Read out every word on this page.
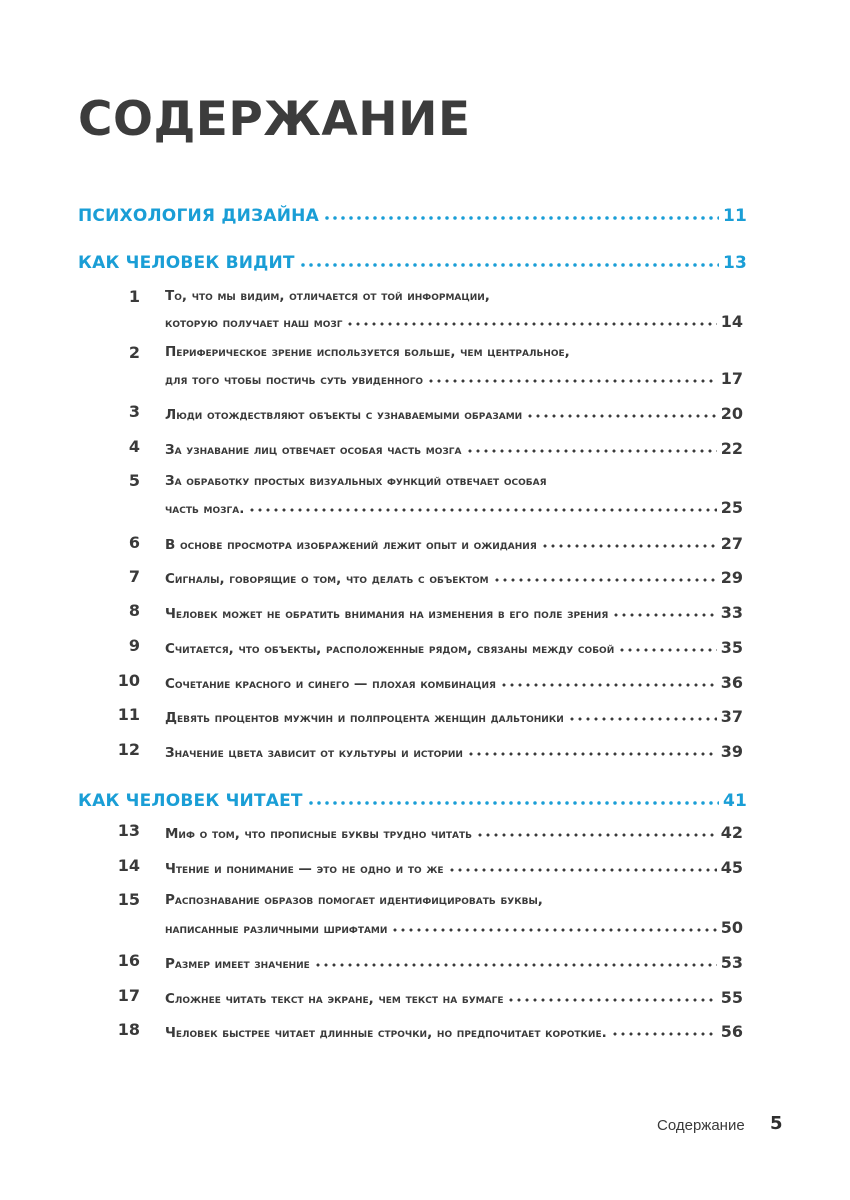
СОДЕРЖАНИЕ
ПСИХОЛОГИЯ ДИЗАЙНА	11
КАК ЧЕЛОВЕК ВИДИТ	13
1 То, что мы видим, отличается от той информации,
которую получает наш мозг	14
2 Периферическое зрение используется больше, чем центральное,
для того чтобы постичь суть увиденного	17
3 Люди отождествляют объекты с узнаваемыми образами	20
4 За узнавание лиц отвечает особая часть мозга	22
5 За обработку простых визуальных функций отвечает особая
часть мозга.	25
6 В основе просмотра изображений лежит опыт и ожидания	27
7 Сигналы, говорящие о том, что делать с объектом	29
8 Человек может не обратить внимания на изменения в его поле зрения	33
9 Считается, что объекты, расположенные рядом, связаны между собой	35
10 Сочетание красного и синего — плохая комбинация	36
11 Девять процентов мужчин и полпроцента женщин дальтоники	37
12 Значение цвета зависит от культуры и истории	39
КАК ЧЕЛОВЕК ЧИТАЕТ	41
13 Миф о том, что прописные буквы трудно читать	42
14 Чтение и понимание — это не одно и то же	45
15 Распознавание образов помогает идентифицировать буквы,
написанные различными шрифтами	50
16 Размер имеет значение	53
17 Сложнее читать текст на экране, чем текст на бумаге	55
18 Человек быстрее читает длинные строчки, но предпочитает короткие.	56
Содержание 5
